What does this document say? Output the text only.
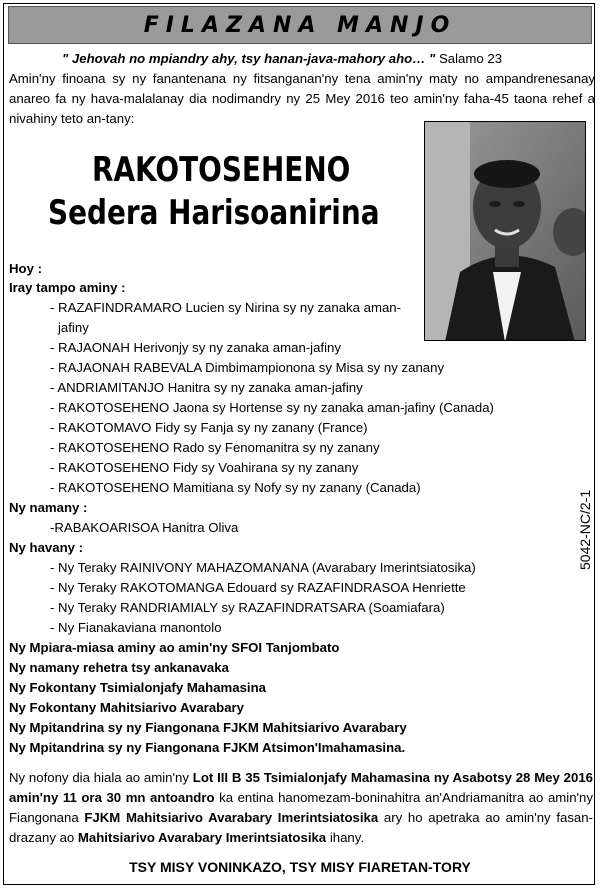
FILAZANA MANJO
" Jehovah no mpiandry ahy, tsy hanan-java-mahory aho… " Salamo 23
Amin'ny finoana sy ny fanantenana ny fitsanganan'ny tena amin'ny maty no ampandrenesanay anareo fa ny hava-malalanay dia nodimandry ny 25 Mey 2016 teo amin'ny faha-45 taona rehef a nivahiny teto an-tany:
RAKOTOSEHENO
Sedera Harisoanirina
Hoy :
Iray tampo aminy :
- RAZAFINDRAMARO Lucien sy Nirina sy ny zanaka aman-
jafiny
- RAJAONAH Herivonjy sy ny zanaka aman-jafiny
- RAJAONAH RABEVALA Dimbimampionona sy Misa sy ny zanany
- ANDRIAMITANJO Hanitra sy ny zanaka aman-jafiny
- RAKOTOSEHENO Jaona sy Hortense sy ny zanaka aman-jafiny (Canada)
- RAKOTOMAVO Fidy sy Fanja sy ny zanany (France)
- RAKOTOSEHENO Rado sy Fenomanitra sy ny zanany
- RAKOTOSEHENO Fidy sy Voahirana sy ny zanany
- RAKOTOSEHENO Mamitiana sy Nofy sy ny zanany (Canada)
Ny namany :
-RABAKOARISOA Hanitra Oliva
Ny havany :
- Ny Teraky RAINIVONY MAHAZOMANANA (Avarabary Imerintsiatosika)
- Ny Teraky RAKOTOMANGA Edouard sy RAZAFINDRASOA Henriette
- Ny Teraky RANDRIAMIALY sy RAZAFINDRATSARA (Soamiafara)
- Ny Fianakaviana manontolo
Ny Mpiara-miasa aminy ao amin'ny SFOI Tanjombato
Ny namany rehetra tsy ankanavaka
Ny Fokontany Tsimialonjafy Mahamasina
Ny Fokontany Mahitsiarivo Avarabary
Ny Mpitandrina sy ny Fiangonana FJKM Mahitsiarivo Avarabary
Ny Mpitandrina sy ny Fiangonana FJKM Atsimon'Imahamasina.
5042-NC/2-1
Ny nofony dia hiala ao amin'ny Lot III B 35 Tsimialonjafy Mahamasina ny Asabotsy 28 Mey 2016 amin'ny 11 ora 30 mn antoandro ka entina hanomezam-boninahitra an'Andriamanitra ao amin'ny Fiangonana FJKM Mahitsiarivo Avarabary Imerintsiatosika ary ho apetraka ao amin'ny fasan-drazany ao Mahitsiarivo Avarabary Imerintsiatosika ihany.
TSY MISY VONINKAZO, TSY MISY FIARETAN-TORY
